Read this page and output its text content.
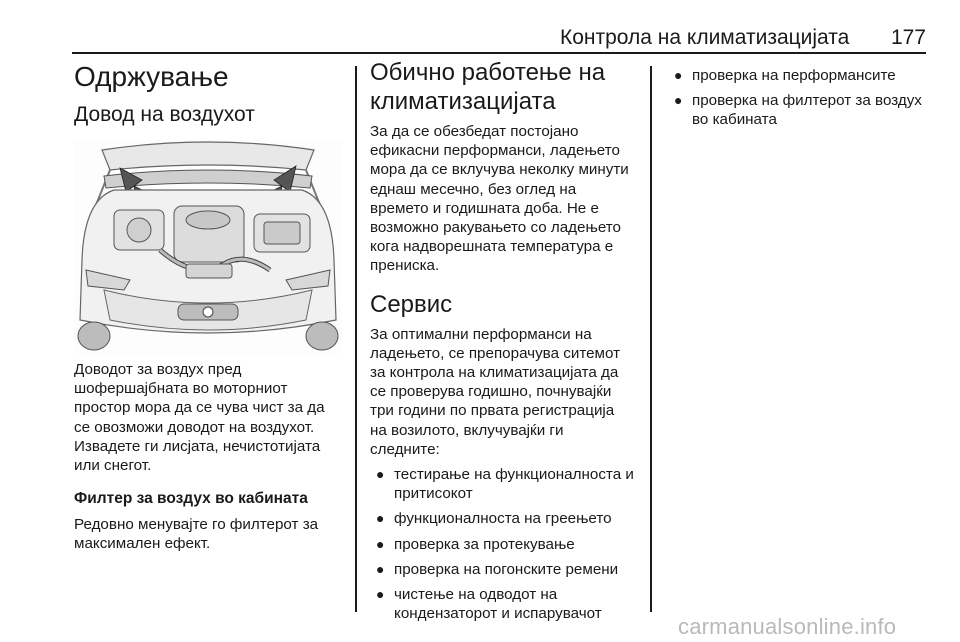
Контрола на климатизацијата 177
Одржување
Довод на воздухот

Доводот за воздух пред шофершајбната во моторниот простор мора да се чува чист за да се овозможи доводот на воздухот. Извадете ги лисјата, нечистотијата или снегот.

Филтер за воздух во кабината

Редовно менувајте го филтерот за максимален ефект.

Обично работење на климатизацијата

За да се обезбедат постојано ефикасни перформанси, ладењето мора да се вклучува неколку минути еднаш месечно, без оглед на времето и годишната доба. Не е возможно ракувањето со ладењето кога надворешната температура е прениска.

Сервис

За оптимални перформанси на ладењето, се препорачува ситемот за контрола на климатизацијата да се проверува годишно, почнувајќи три години по првата регистрација на возилото, вклучувајќи ги следните:

● тестирање на функционалноста и притисокот
● функционалноста на греењето
● проверка за протекување
● проверка на погонските ремени
● чистење на одводот на кондензаторот и испарувачот
● проверка на перформансите
● проверка на филтерот за воздух во кабината
carmanualsonline.info
